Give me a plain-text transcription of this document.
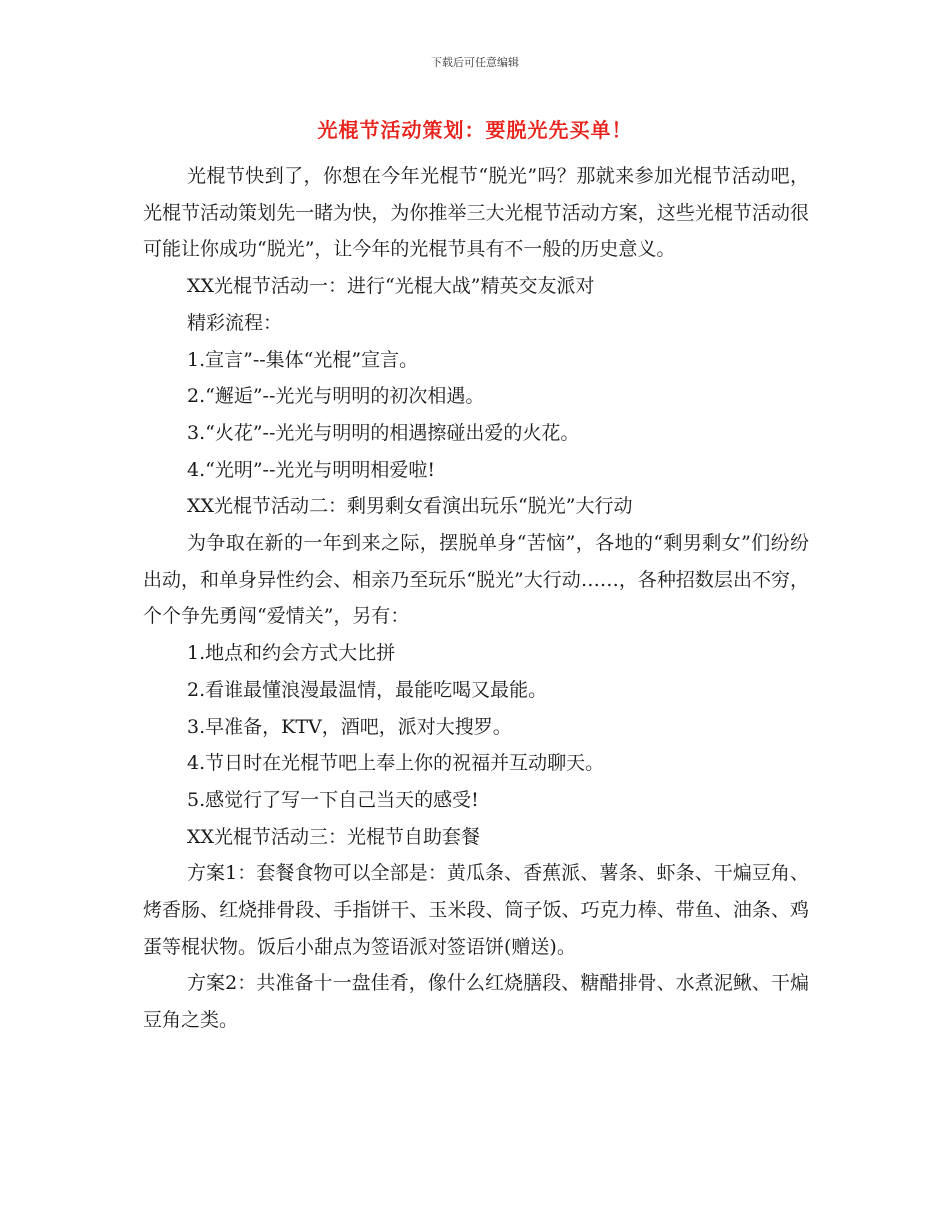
下载后可任意编辑
光棍节活动策划：要脱光先买单！

光棍节快到了，你想在今年光棍节“脱光”吗？那就来参加光棍节活动吧，光棍节活动策划先一睹为快，为你推举三大光棍节活动方案，这些光棍节活动很可能让你成功“脱光”，让今年的光棍节具有不一般的历史意义。

XX光棍节活动一：进行“光棍大战”精英交友派对

精彩流程：

1.宣言”--集体“光棍”宣言。

2.“邂逅”--光光与明明的初次相遇。

3.“火花”--光光与明明的相遇擦碰出爱的火花。

4.“光明”--光光与明明相爱啦!

XX光棍节活动二：剩男剩女看演出玩乐“脱光”大行动

为争取在新的一年到来之际，摆脱单身“苦恼”，各地的“剩男剩女”们纷纷出动，和单身异性约会、相亲乃至玩乐“脱光”大行动……，各种招数层出不穷，个个争先勇闯“爱情关”，另有：

1.地点和约会方式大比拼

2.看谁最懂浪漫最温情，最能吃喝又最能。

3.早准备，KTV，酒吧，派对大搜罗。

4.节日时在光棍节吧上奉上你的祝福并互动聊天。

5.感觉行了写一下自己当天的感受!

XX光棍节活动三：光棍节自助套餐

方案1：套餐食物可以全部是：黄瓜条、香蕉派、薯条、虾条、干煸豆角、烤香肠、红烧排骨段、手指饼干、玉米段、筒子饭、巧克力棒、带鱼、油条、鸡蛋等棍状物。饭后小甜点为签语派对签语饼(赠送)。

方案2：共准备十一盘佳肴，像什么红烧膳段、糖醋排骨、水煮泥鳅、干煸豆角之类。
